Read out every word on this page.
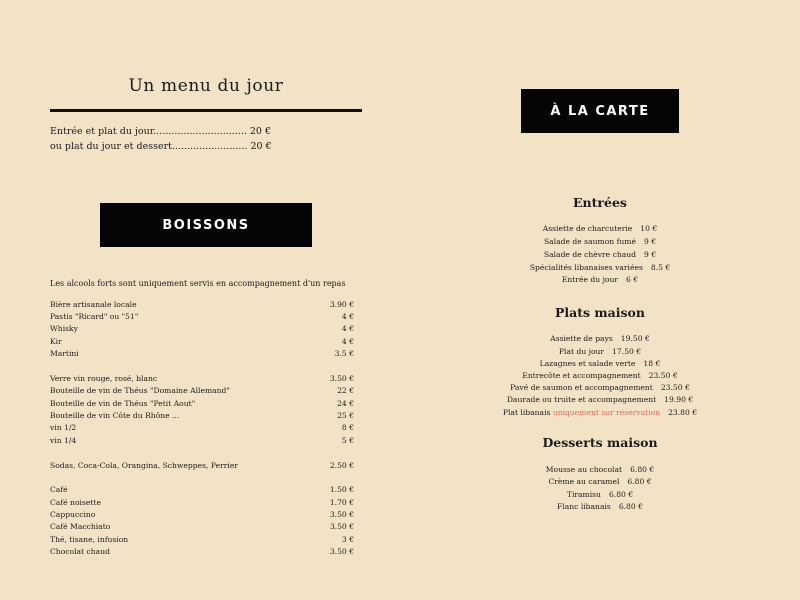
Un menu du jour
Entrée et plat du jour............................... 20 €
ou plat du jour et dessert......................... 20 €
BOISSONS
Les alcools forts sont uniquement servis en accompagnement d'un repas
Bière artisanale locale	3.90 €
Pastis "Ricard" ou "51"	4 €
Whisky	4 €
Kir	4 €
Martini	3.5 €
Verre vin rouge, rosé, blanc	3.50 €
Bouteille de vin de Théus "Domaine Allemand"	22 €
Bouteille de vin de Théus "Petit Aout"	24 €
Bouteille de vin Côte du Rhône ...	25 €
vin 1/2	8 €
vin 1/4	5 €
Sodas, Coca-Cola, Orangina, Schweppes, Perrier	2.50 €
Café	1.50 €
Café noisette	1.70 €
Cappuccino	3.50 €
Café Macchiato	3.50 €
Thé, tisane, infusion	3 €
Chocolat chaud	3.50 €
À LA CARTE
Entrées
Assiette de charcuterie 10 €
Salade de saumon fumé 9 €
Salade de chèvre chaud 9 €
Spécialités libanaises variées 8.5 €
Entrée du jour 6 €
Plats maison
Assiette de pays 19.50 €
Plat du jour 17.50 €
Lazagnes et salade verte 18 €
Entrecôte et accompagnement 23.50 €
Pavé de saumon et accompagnement 23.50 €
Daurade ou truite et accompagnement 19.90 €
Plat libanais uniquement sur réservation 23.80 €
Desserts maison
Mousse au chocolat 6.80 €
Crème au caramel 6.80 €
Tiramisu 6.80 €
Flanc libanais 6.80 €
